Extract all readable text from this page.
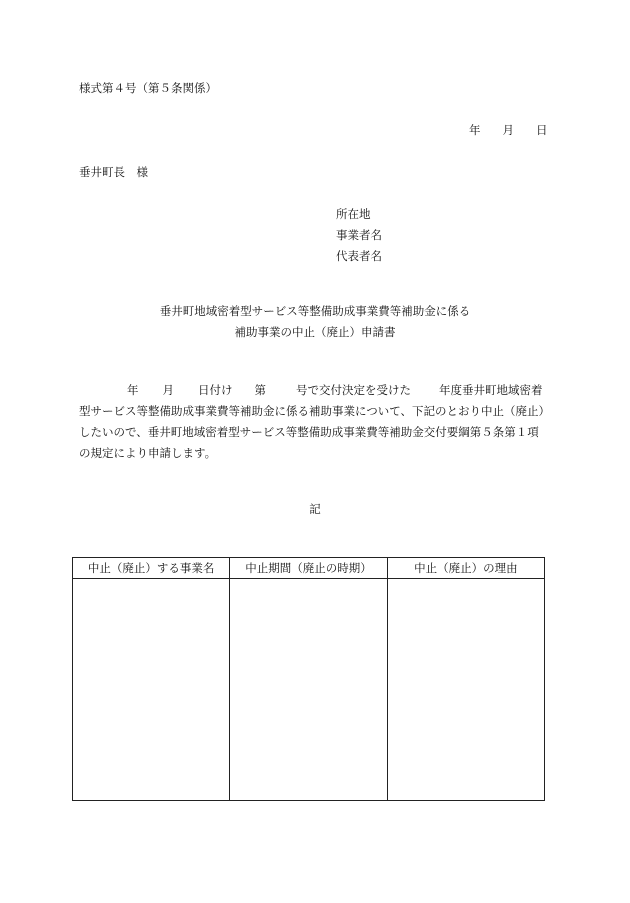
様式第４号（第５条関係）
年 月 日
垂井町長　様
所在地
事業者名
代表者名
垂井町地域密着型サービス等整備助成事業費等補助金に係る
補助事業の中止（廃止）申請書
年 月 日付け 第	号で交付決定を受けた 年度垂井町地域密着
型サービス等整備助成事業費等補助金に係る補助事業について、下記のとおり中止（廃止）
したいので、垂井町地域密着型サービス等整備助成事業費等補助金交付要綱第５条第１項
の規定により申請します。
記
中止（廃止）する事業名	中止期間（廃止の時期）	中止（廃止）の理由
